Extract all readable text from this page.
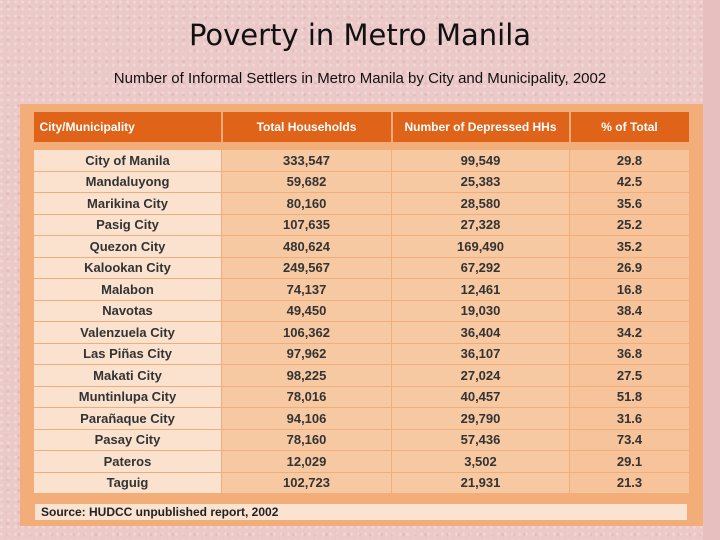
Poverty in Metro Manila
Number of Informal Settlers in Metro Manila by City and Municipality, 2002
City/Municipality	Total Households	Number of Depressed HHs	% of Total
City of Manila	333,547	99,549	29.8
Mandaluyong	59,682	25,383	42.5
Marikina City	80,160	28,580	35.6
Pasig City	107,635	27,328	25.2
Quezon City	480,624	169,490	35.2
Kalookan City	249,567	67,292	26.9
Malabon	74,137	12,461	16.8
Navotas	49,450	19,030	38.4
Valenzuela City	106,362	36,404	34.2
Las Piñas City	97,962	36,107	36.8
Makati City	98,225	27,024	27.5
Muntinlupa City	78,016	40,457	51.8
Parañaque City	94,106	29,790	31.6
Pasay City	78,160	57,436	73.4
Pateros	12,029	3,502	29.1
Taguig	102,723	21,931	21.3
Source: HUDCC unpublished report, 2002
